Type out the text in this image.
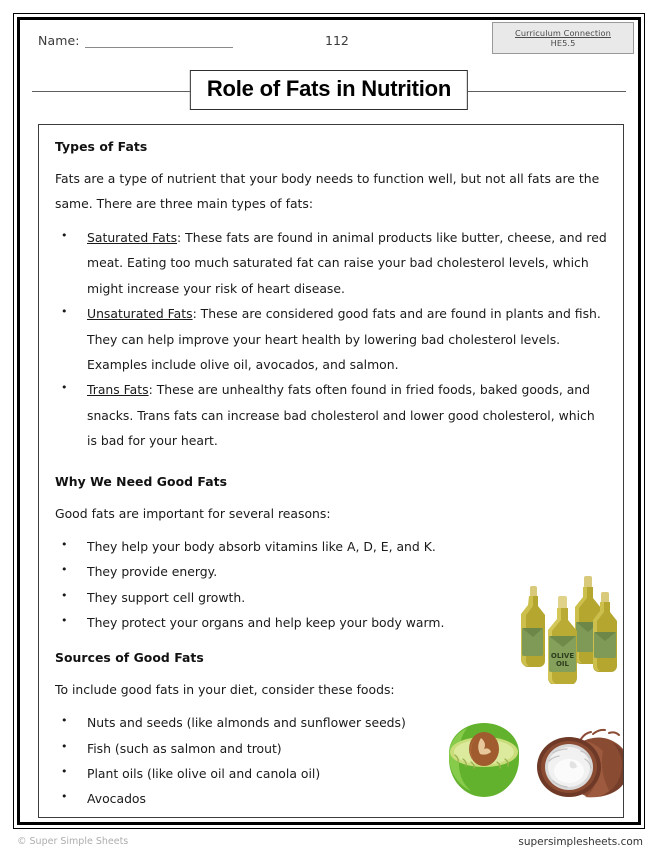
Name:	112
Curriculum Connection
HE5.5
Role of Fats in Nutrition
Types of Fats

Fats are a type of nutrient that your body needs to function well, but not all fats are the same. There are three main types of fats:

• Saturated Fats: These fats are found in animal products like butter, cheese, and red meat. Eating too much saturated fat can raise your bad cholesterol levels, which might increase your risk of heart disease.
• Unsaturated Fats: These are considered good fats and are found in plants and fish. They can help improve your heart health by lowering bad cholesterol levels. Examples include olive oil, avocados, and salmon.
• Trans Fats: These are unhealthy fats often found in fried foods, baked goods, and snacks. Trans fats can increase bad cholesterol and lower good cholesterol, which is bad for your heart.
Why We Need Good Fats

Good fats are important for several reasons:

• They help your body absorb vitamins like A, D, E, and K.
• They provide energy.
• They support cell growth.
• They protect your organs and help keep your body warm.
Sources of Good Fats

To include good fats in your diet, consider these foods:

• Nuts and seeds (like almonds and sunflower seeds)
• Fish (such as salmon and trout)
• Plant oils (like olive oil and canola oil)
• Avocados
OLIVE
OIL
© Super Simple Sheets	supersimplesheets.com
